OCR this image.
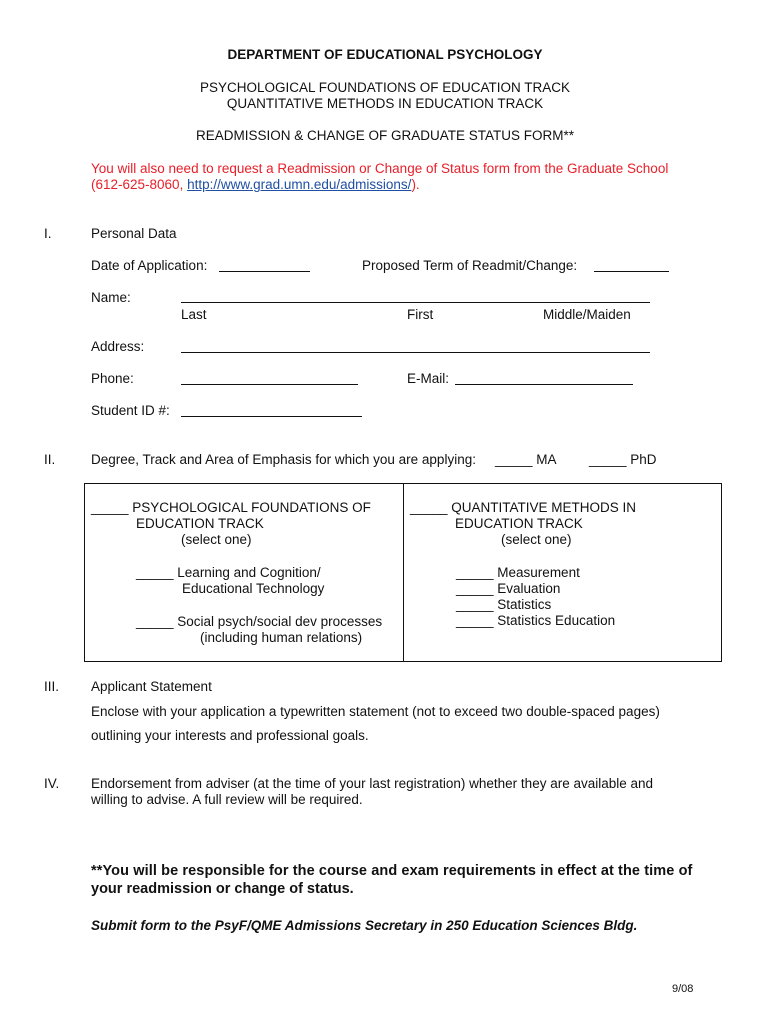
DEPARTMENT OF EDUCATIONAL PSYCHOLOGY
PSYCHOLOGICAL FOUNDATIONS OF EDUCATION TRACK
QUANTITATIVE METHODS IN EDUCATION TRACK
READMISSION & CHANGE OF GRADUATE STATUS FORM**
You will also need to request a Readmission or Change of Status form from the Graduate School
(612-625-8060, http://www.grad.umn.edu/admissions/).
I.	Personal Data
Date of Application:	Proposed Term of Readmit/Change:
Name:
Last	First	Middle/Maiden
Address:
Phone:	E-Mail:
Student ID #:
II.	Degree, Track and Area of Emphasis for which you are applying: _____ MA _____ PhD
_____ PSYCHOLOGICAL FOUNDATIONS OF
EDUCATION TRACK
(select one)
_____ Learning and Cognition/
Educational Technology
_____ Social psych/social dev processes
(including human relations)
_____ QUANTITATIVE METHODS IN
EDUCATION TRACK
(select one)
_____ Measurement
_____ Evaluation
_____ Statistics
_____ Statistics Education
III. Applicant Statement
Enclose with your application a typewritten statement (not to exceed two double-spaced pages)
outlining your interests and professional goals.
IV. Endorsement from adviser (at the time of your last registration) whether they are available and
willing to advise. A full review will be required.
**You will be responsible for the course and exam requirements in effect at the time of
your readmission or change of status.
Submit form to the PsyF/QME Admissions Secretary in 250 Education Sciences Bldg.
9/08
